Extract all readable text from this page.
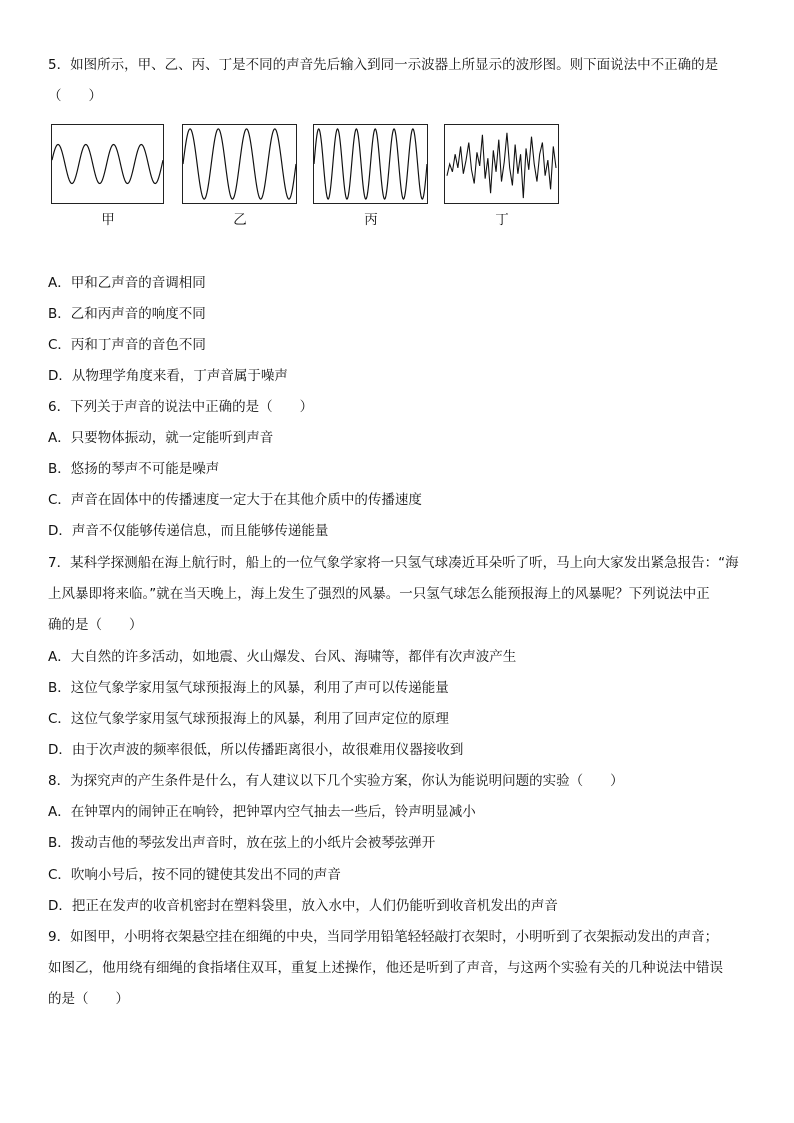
5．如图所示，甲、乙、丙、丁是不同的声音先后输入到同一示波器上所显示的波形图。则下面说法中不正确的是
（　　）
甲	乙	丙	丁
A．甲和乙声音的音调相同
B．乙和丙声音的响度不同
C．丙和丁声音的音色不同
D．从物理学角度来看，丁声音属于噪声
6．下列关于声音的说法中正确的是（　　）
A．只要物体振动，就一定能听到声音
B．悠扬的琴声不可能是噪声
C．声音在固体中的传播速度一定大于在其他介质中的传播速度
D．声音不仅能够传递信息，而且能够传递能量
7．某科学探测船在海上航行时，船上的一位气象学家将一只氢气球凑近耳朵听了听，马上向大家发出紧急报告：“海
上风暴即将来临。”就在当天晚上，海上发生了强烈的风暴。一只氢气球怎么能预报海上的风暴呢？下列说法中正
确的是（　　）
A．大自然的许多活动，如地震、火山爆发、台风、海啸等，都伴有次声波产生
B．这位气象学家用氢气球预报海上的风暴，利用了声可以传递能量
C．这位气象学家用氢气球预报海上的风暴，利用了回声定位的原理
D．由于次声波的频率很低，所以传播距离很小，故很难用仪器接收到
8．为探究声的产生条件是什么，有人建议以下几个实验方案，你认为能说明问题的实验（　　）
A．在钟罩内的闹钟正在响铃，把钟罩内空气抽去一些后，铃声明显减小
B．拨动吉他的琴弦发出声音时，放在弦上的小纸片会被琴弦弹开
C．吹响小号后，按不同的键使其发出不同的声音
D．把正在发声的收音机密封在塑料袋里，放入水中，人们仍能听到收音机发出的声音
9．如图甲，小明将衣架悬空挂在细绳的中央，当同学用铅笔轻轻敲打衣架时，小明听到了衣架振动发出的声音；
如图乙，他用绕有细绳的食指堵住双耳，重复上述操作，他还是听到了声音，与这两个实验有关的几种说法中错误
的是（　　）
